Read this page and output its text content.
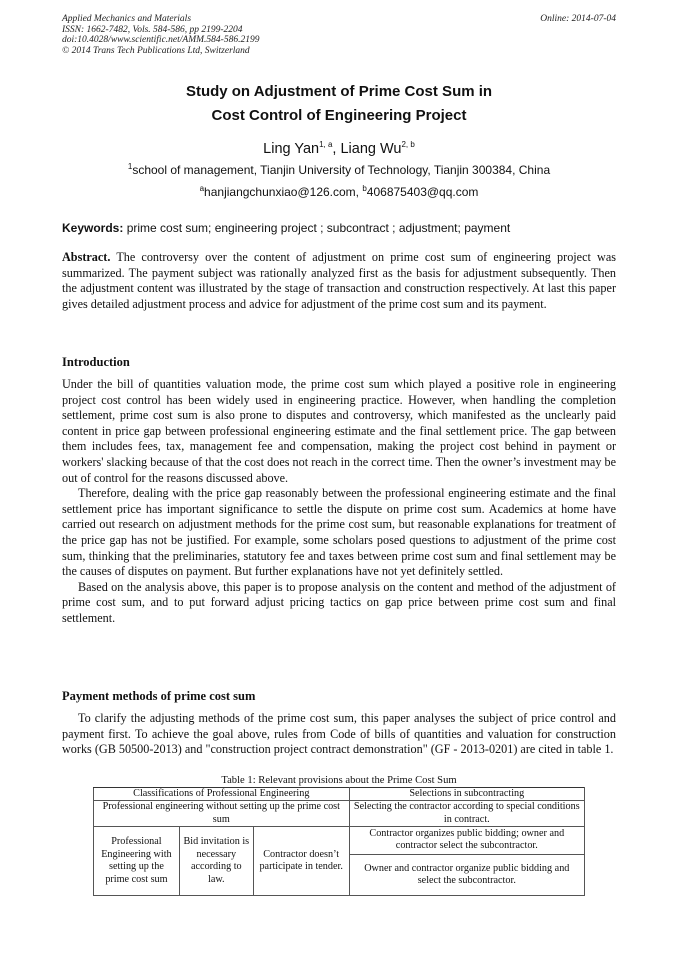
Applied Mechanics and Materials
ISSN: 1662-7482, Vols. 584-586, pp 2199-2204
doi:10.4028/www.scientific.net/AMM.584-586.2199
© 2014 Trans Tech Publications Ltd, Switzerland
Online: 2014-07-04
Study on Adjustment of Prime Cost Sum in
Cost Control of Engineering Project
Ling Yan$^{1, a}$, Liang Wu$^{2, b}$
$^1$school of management, Tianjin University of Technology, Tianjin 300384, China
$^a$hanjiangchunxiao@126.com, $^b$406875403@qq.com
Keywords: prime cost sum; engineering project ; subcontract ; adjustment; payment

Abstract. The controversy over the content of adjustment on prime cost sum of engineering project was summarized. The payment subject was rationally analyzed first as the basis for adjustment subsequently. Then the adjustment content was illustrated by the stage of transaction and construction respectively. At last this paper gives detailed adjustment process and advice for adjustment of the prime cost sum and its payment.

Introduction

Under the bill of quantities valuation mode, the prime cost sum which played a positive role in engineering project cost control has been widely used in engineering practice. However, when handling the completion settlement, prime cost sum is also prone to disputes and controversy, which manifested as the unclearly paid content in price gap between professional engineering estimate and the final settlement price. The gap between them includes fees, tax, management fee and compensation, making the project cost behind in payment or workers' slacking because of that the cost does not reach in the correct time. Then the owner’s investment may be out of control for the reasons discussed above.

Therefore, dealing with the price gap reasonably between the professional engineering estimate and the final settlement price has important significance to settle the dispute on prime cost sum. Academics at home have carried out research on adjustment methods for the prime cost sum, but reasonable explanations for treatment of the price gap has not be justified. For example, some scholars posed questions to adjustment of the prime cost sum, thinking that the preliminaries, statutory fee and taxes between prime cost sum and final settlement may be the causes of disputes on payment. But further explanations have not yet definitely settled.

Based on the analysis above, this paper is to propose analysis on the content and method of the adjustment of prime cost sum, and to put forward adjust pricing tactics on gap price between prime cost sum and final settlement.

Payment methods of prime cost sum

To clarify the adjusting methods of the prime cost sum, this paper analyses the subject of price control and payment first. To achieve the goal above, rules from Code of bills of quantities and valuation for construction works (GB 50500-2013) and "construction project contract demonstration" (GF - 2013-0201) are cited in table 1.

Table 1: Relevant provisions about the Prime Cost Sum
Classifications of Professional Engineering			Selections in subcontracting
Professional engineering without setting up the prime cost sum			Selecting the contractor according to special conditions in contract.
Professional Engineering with setting up the prime cost sum	Bid invitation is necessary according to law.	Contractor doesn’t participate in tender.	Contractor organizes public bidding; owner and contractor select the subcontractor.
			Owner and contractor organize public bidding and select the subcontractor.
